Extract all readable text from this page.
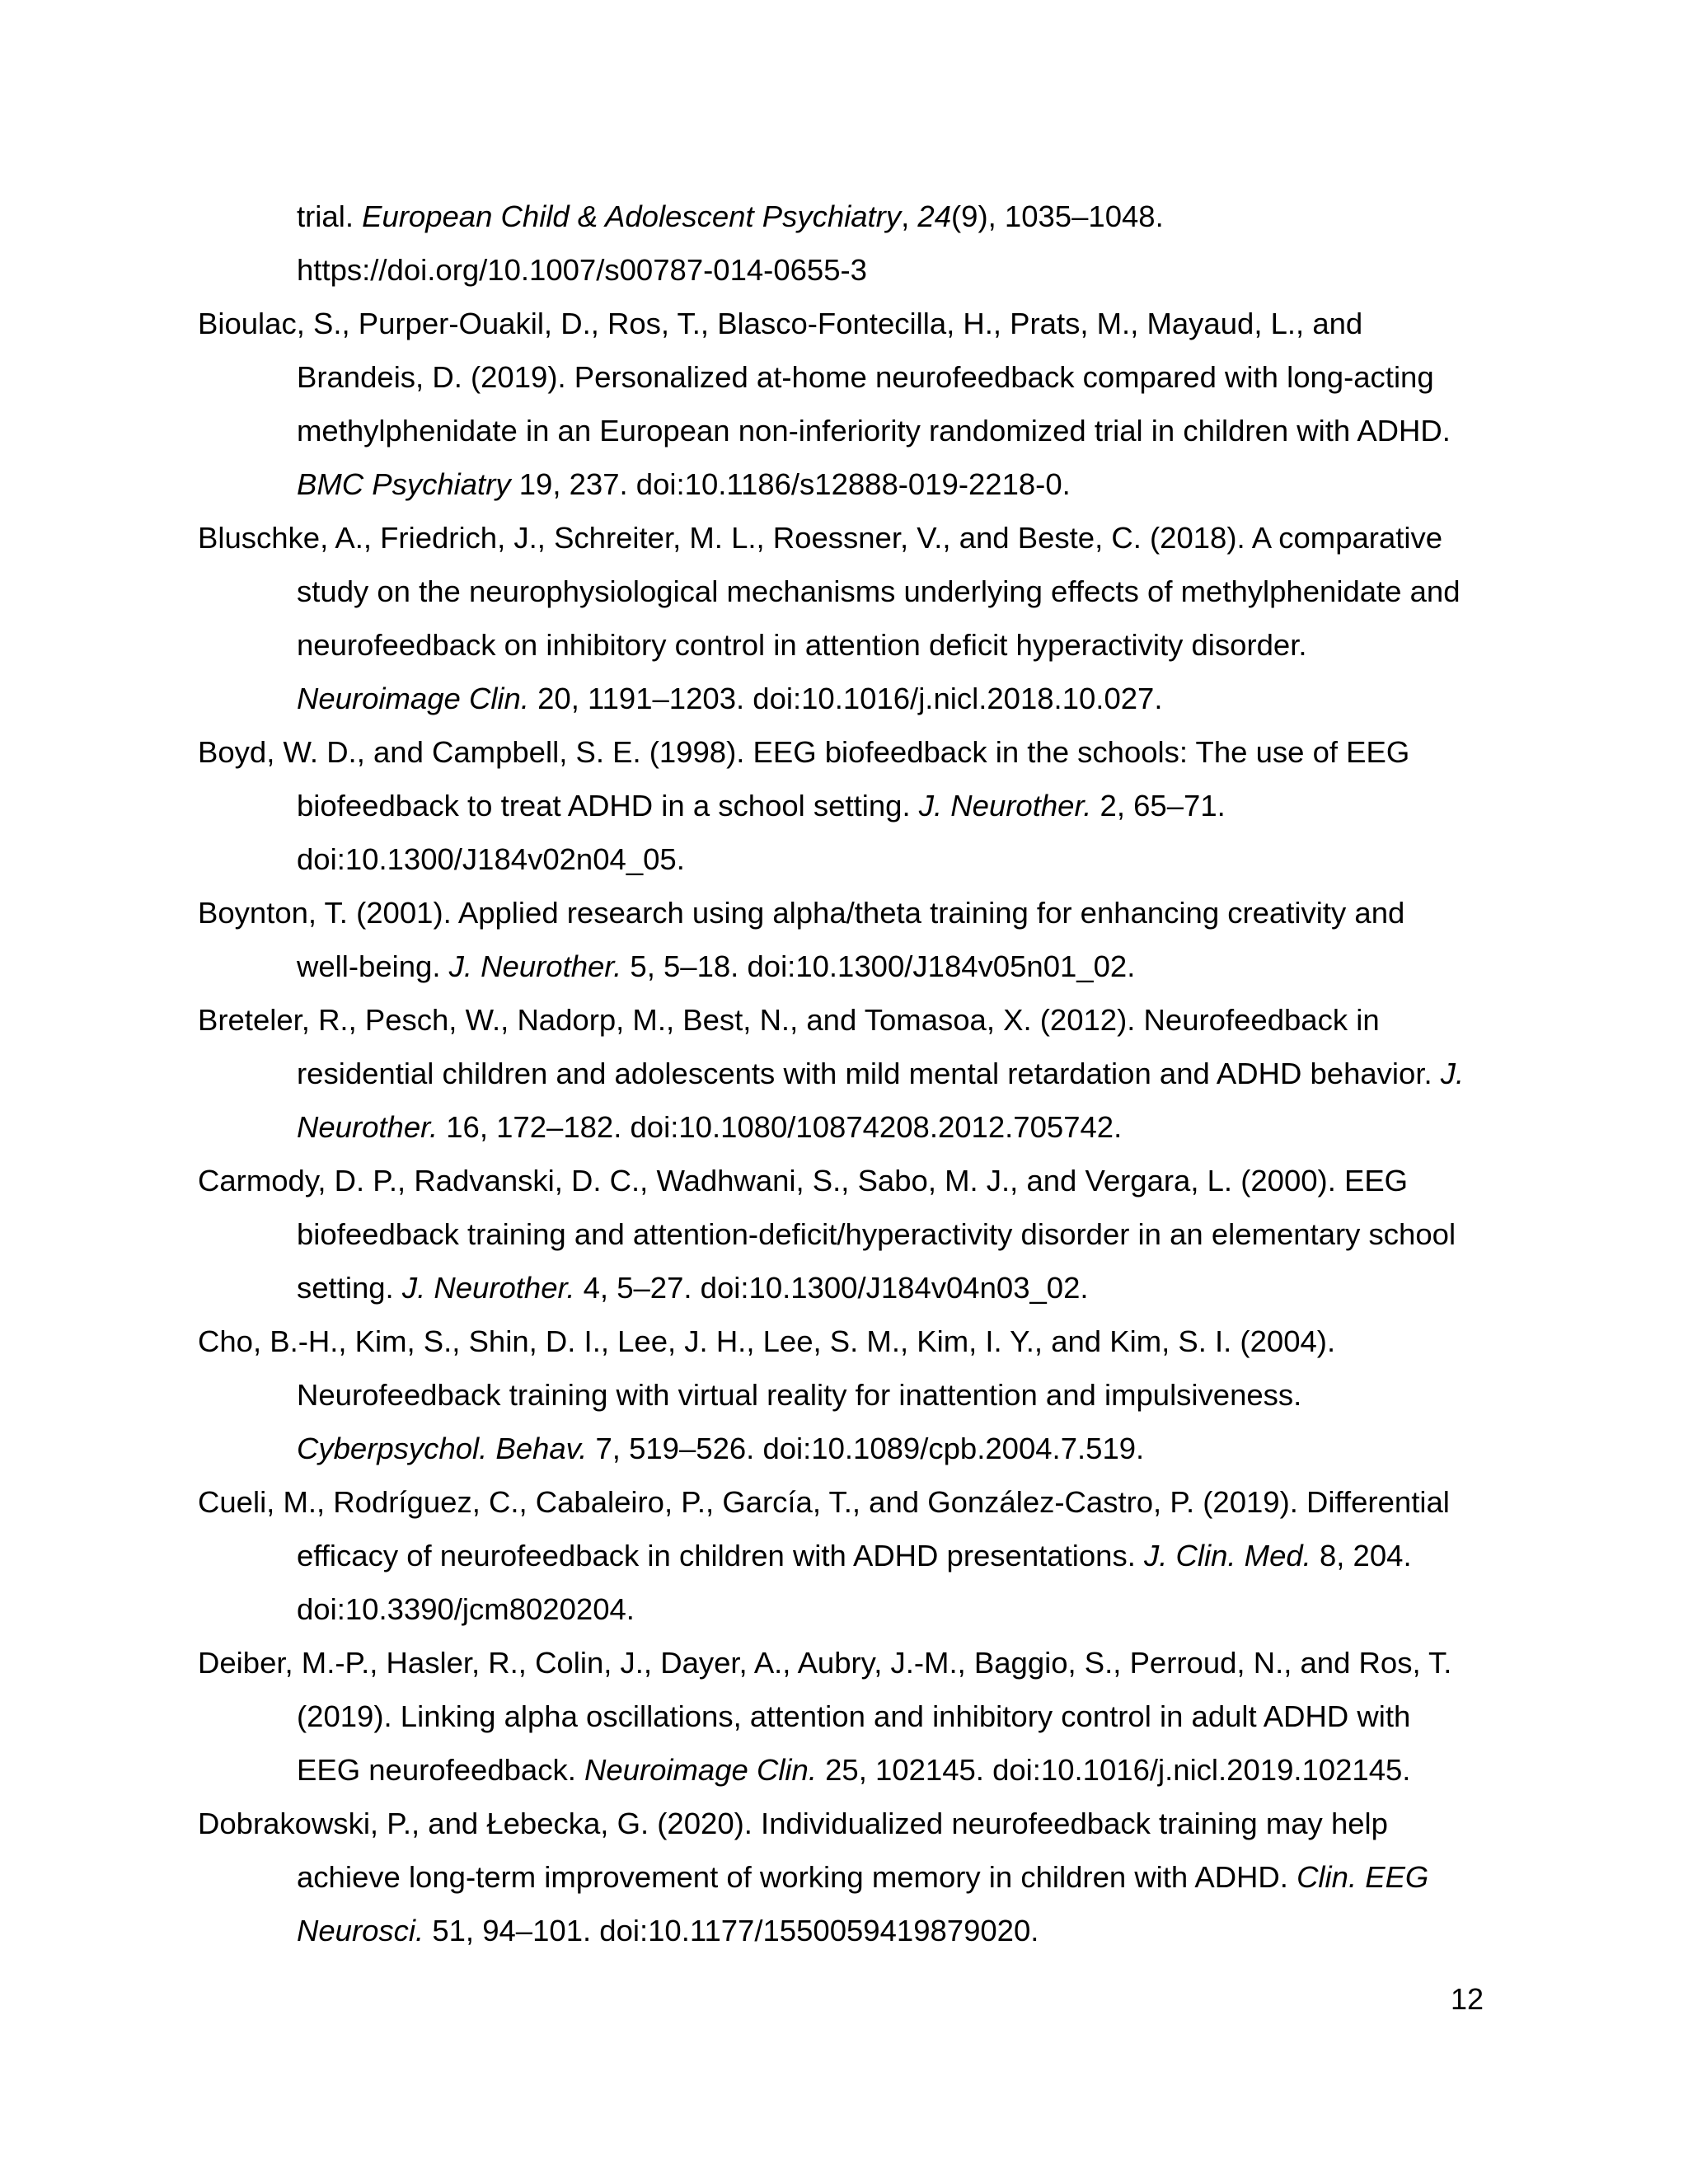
trial. European Child & Adolescent Psychiatry, 24(9), 1035–1048.
https://doi.org/10.1007/s00787-014-0655-3

Bioulac, S., Purper-Ouakil, D., Ros, T., Blasco-Fontecilla, H., Prats, M., Mayaud, L., and
Brandeis, D. (2019). Personalized at-home neurofeedback compared with long-acting
methylphenidate in an European non-inferiority randomized trial in children with ADHD.
BMC Psychiatry 19, 237. doi:10.1186/s12888-019-2218-0.

Bluschke, A., Friedrich, J., Schreiter, M. L., Roessner, V., and Beste, C. (2018). A comparative
study on the neurophysiological mechanisms underlying effects of methylphenidate and
neurofeedback on inhibitory control in attention deficit hyperactivity disorder.
Neuroimage Clin. 20, 1191–1203. doi:10.1016/j.nicl.2018.10.027.

Boyd, W. D., and Campbell, S. E. (1998). EEG biofeedback in the schools: The use of EEG
biofeedback to treat ADHD in a school setting. J. Neurother. 2, 65–71.
doi:10.1300/J184v02n04_05.

Boynton, T. (2001). Applied research using alpha/theta training for enhancing creativity and
well-being. J. Neurother. 5, 5–18. doi:10.1300/J184v05n01_02.

Breteler, R., Pesch, W., Nadorp, M., Best, N., and Tomasoa, X. (2012). Neurofeedback in
residential children and adolescents with mild mental retardation and ADHD behavior. J.
Neurother. 16, 172–182. doi:10.1080/10874208.2012.705742.

Carmody, D. P., Radvanski, D. C., Wadhwani, S., Sabo, M. J., and Vergara, L. (2000). EEG
biofeedback training and attention-deficit/hyperactivity disorder in an elementary school
setting. J. Neurother. 4, 5–27. doi:10.1300/J184v04n03_02.

Cho, B.-H., Kim, S., Shin, D. I., Lee, J. H., Lee, S. M., Kim, I. Y., and Kim, S. I. (2004).
Neurofeedback training with virtual reality for inattention and impulsiveness.
Cyberpsychol. Behav. 7, 519–526. doi:10.1089/cpb.2004.7.519.

Cueli, M., Rodríguez, C., Cabaleiro, P., García, T., and González-Castro, P. (2019). Differential
efficacy of neurofeedback in children with ADHD presentations. J. Clin. Med. 8, 204.
doi:10.3390/jcm8020204.

Deiber, M.-P., Hasler, R., Colin, J., Dayer, A., Aubry, J.-M., Baggio, S., Perroud, N., and Ros, T.
(2019). Linking alpha oscillations, attention and inhibitory control in adult ADHD with
EEG neurofeedback. Neuroimage Clin. 25, 102145. doi:10.1016/j.nicl.2019.102145.

Dobrakowski, P., and Łebecka, G. (2020). Individualized neurofeedback training may help
achieve long-term improvement of working memory in children with ADHD. Clin. EEG
Neurosci. 51, 94–101. doi:10.1177/1550059419879020.

12
